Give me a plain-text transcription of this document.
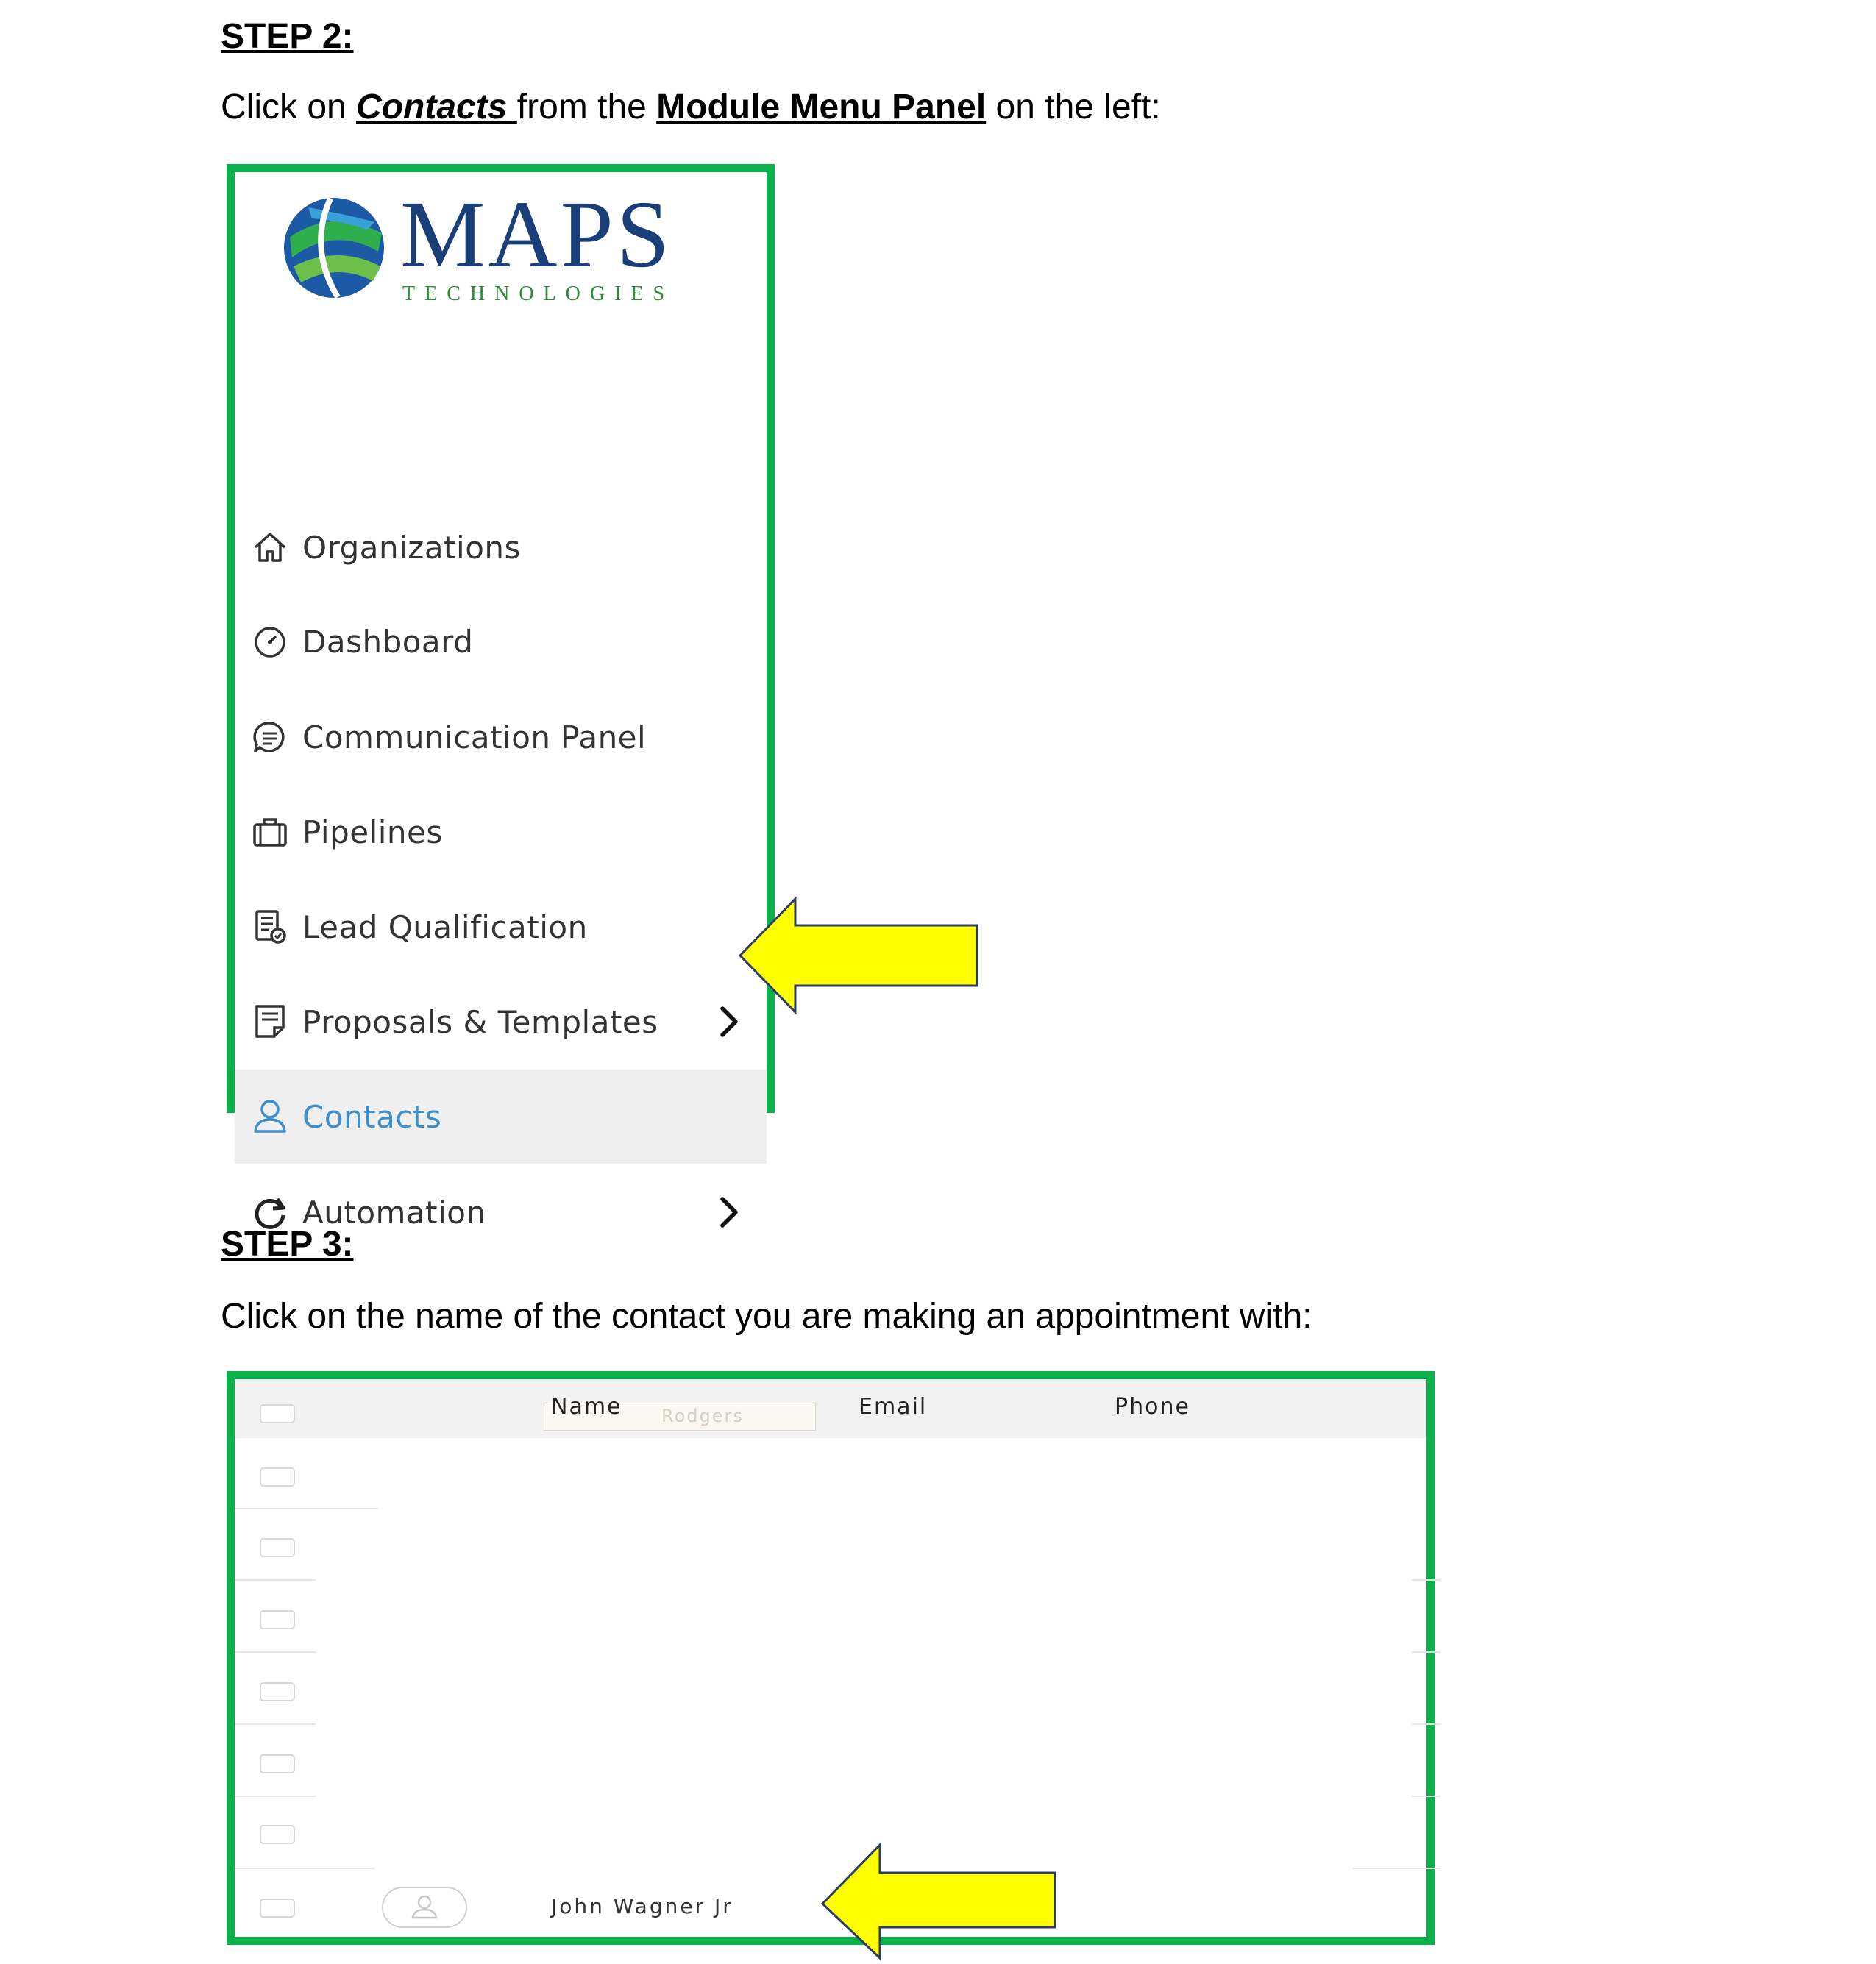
STEP 2:

Click on Contacts from the Module Menu Panel on the left:

MAPS
TECHNOLOGIES
Organizations
Dashboard
Communication Panel
Pipelines
Lead Qualification
Proposals & Templates
Contacts
Automation
STEP 3:

Click on the name of the contact you are making an appointment with:

Rodgers
Name	Email	Phone
John Wagner Jr
